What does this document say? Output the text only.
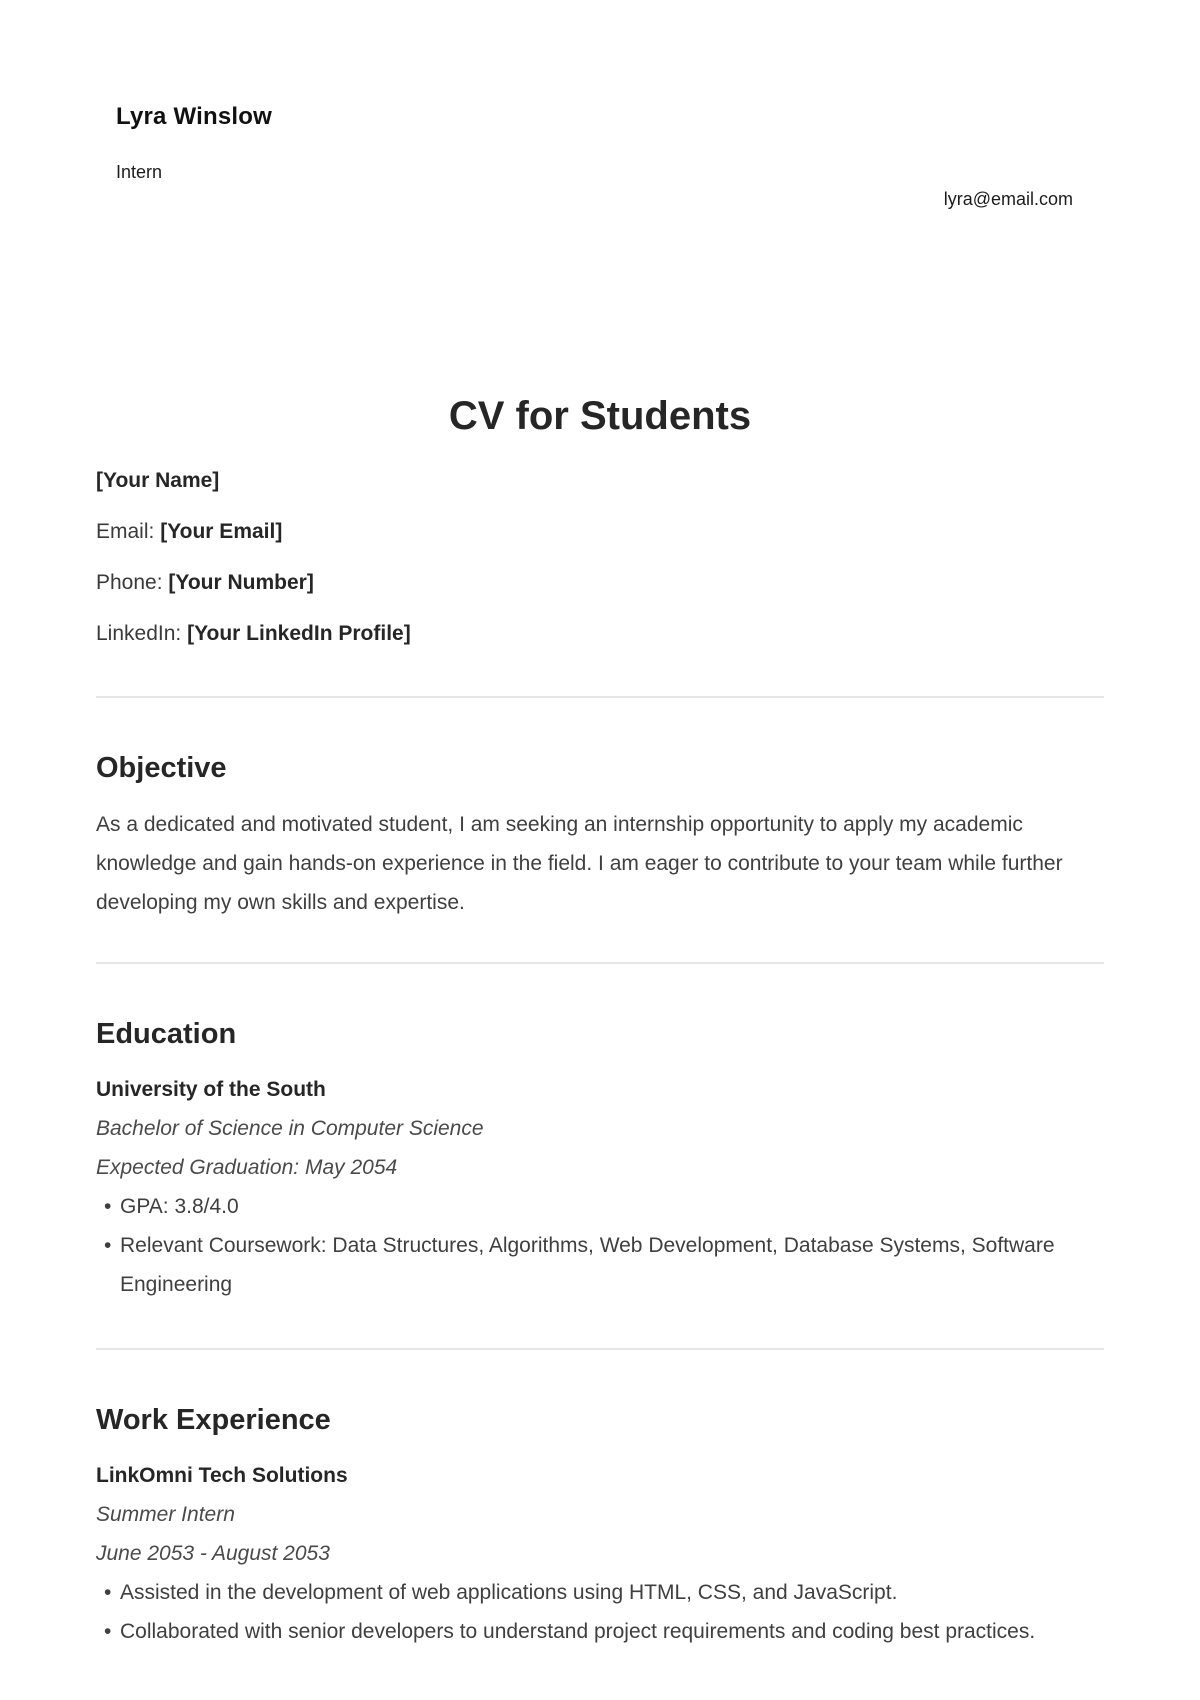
Lyra Winslow

Intern

lyra@email.com

CV for Students

[Your Name]

Email: [Your Email]

Phone: [Your Number]

LinkedIn: [Your LinkedIn Profile]

Objective

As a dedicated and motivated student, I am seeking an internship opportunity to apply my academic knowledge and gain hands-on experience in the field. I am eager to contribute to your team while further developing my own skills and expertise.

Education

University of the South

Bachelor of Science in Computer Science

Expected Graduation: May 2054

• GPA: 3.8/4.0
• Relevant Coursework: Data Structures, Algorithms, Web Development, Database Systems, Software Engineering
Work Experience

LinkOmni Tech Solutions

Summer Intern

June 2053 - August 2053

• Assisted in the development of web applications using HTML, CSS, and JavaScript.
• Collaborated with senior developers to understand project requirements and coding best practices.
